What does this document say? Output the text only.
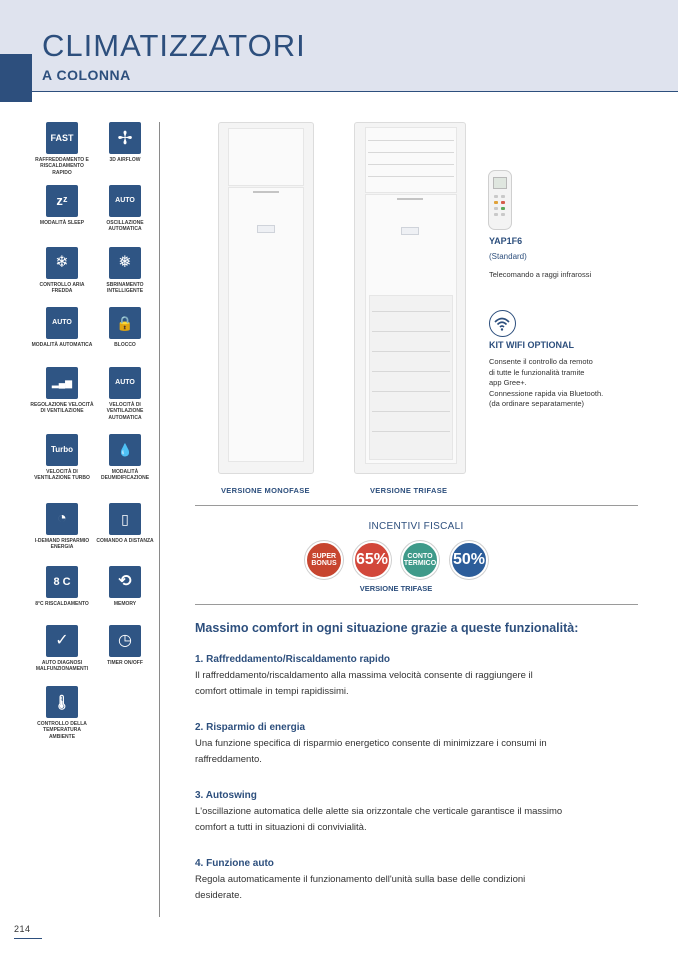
CLIMATIZZATORI
A COLONNA
FAST
RAFFREDDAMENTO E RISCALDAMENTO RAPIDO
✢
3D AIRFLOW
zᶻ
MODALITÀ SLEEP
AUTO
OSCILLAZIONE AUTOMATICA
❄
CONTROLLO ARIA FREDDA
❅
SBRINAMENTO INTELLIGENTE
AUTO
MODALITÀ AUTOMATICA
🔒
BLOCCO
▂▄▆
REGOLAZIONE VELOCITÀ DI VENTILAZIONE
AUTO
VELOCITÀ DI VENTILAZIONE AUTOMATICA
Turbo
VELOCITÀ DI VENTILAZIONE TURBO
💧
MODALITÀ DEUMIDIFICAZIONE
◔
I-DEMAND RISPARMIO ENERGIA
▯
COMANDO A DISTANZA
8 C
8°C RISCALDAMENTO
⟲
MEMORY
✓
AUTO DIAGNOSI MALFUNZIONAMENTI
◷
TIMER ON/OFF
🌡
CONTROLLO DELLA TEMPERATURA AMBIENTE
VERSIONE MONOFASE	VERSIONE TRIFASE
YAP1F6
(Standard)
Telecomando a raggi infrarossi
KIT WIFI OPTIONAL
Consente il controllo da remoto
di tutte le funzionalità tramite
app Gree+.
Connessione rapida via Bluetooth.
(da ordinare separatamente)
INCENTIVI FISCALI
SUPER BONUS	65%	CONTO TERMICO 50%
VERSIONE TRIFASE
Massimo comfort in ogni situazione grazie a queste funzionalità:
1. Raffreddamento/Riscaldamento rapido
Il raffreddamento/riscaldamento alla massima velocità consente di raggiungere il
comfort ottimale in tempi rapidissimi.
2. Risparmio di energia
Una funzione specifica di risparmio energetico consente di minimizzare i consumi in
raffreddamento.
3. Autoswing
L'oscillazione automatica delle alette sia orizzontale che verticale garantisce il massimo
comfort a tutti in situazioni di convivialità.
4. Funzione auto
Regola automaticamente il funzionamento dell'unità sulla base delle condizioni
desiderate.
214
